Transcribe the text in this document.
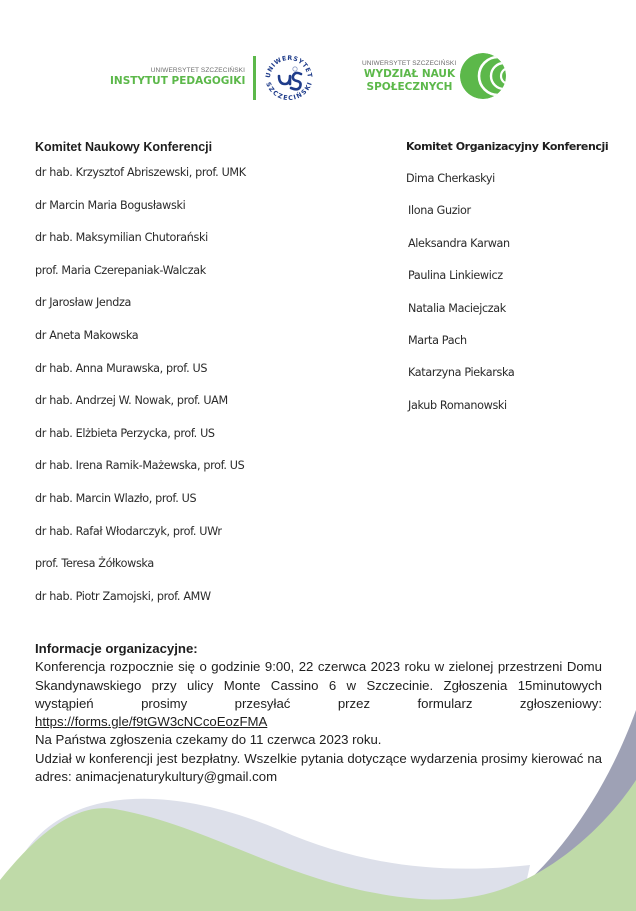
UNIWERSYTET SZCZECIŃSKI
INSTYTUT PEDAGOGIKI	UNIWERSYTET
SZCZECIŃSKI
UNIWERSYTET SZCZECIŃSKI
WYDZIAŁ NAUK
SPOŁECZNYCH
Komitet Naukowy Konferencji
dr hab. Krzysztof Abriszewski, prof. UMK
dr Marcin Maria Bogusławski
dr hab. Maksymilian Chutorański
prof. Maria Czerepaniak-Walczak
dr Jarosław Jendza
dr Aneta Makowska
dr hab. Anna Murawska, prof. US
dr hab. Andrzej W. Nowak, prof. UAM
dr hab. Elżbieta Perzycka, prof. US
dr hab. Irena Ramik-Mażewska, prof. US
dr hab. Marcin Wlazło, prof. US
dr hab. Rafał Włodarczyk, prof. UWr
prof. Teresa Żółkowska
dr hab. Piotr Zamojski, prof. AMW
Komitet Organizacyjny Konferencji
Dima Cherkaskyi
Ilona Guzior
Aleksandra Karwan
Paulina Linkiewicz
Natalia Maciejczak
Marta Pach
Katarzyna Piekarska
Jakub Romanowski
Informacje organizacyjne:

Konferencja rozpocznie się o godzinie 9:00, 22 czerwca 2023 roku w zielonej przestrzeni Domu Skandynawskiego przy ulicy Monte Cassino 6 w Szczecinie. Zgłoszenia 15minutowych wystąpień prosimy przesyłać przez formularz zgłoszeniowy: https://forms.gle/f9tGW3cNCcoEozFMA

Na Państwa zgłoszenia czekamy do 11 czerwca 2023 roku.

Udział w konferencji jest bezpłatny. Wszelkie pytania dotyczące wydarzenia prosimy kierować na adres: animacjenaturykultury@gmail.com
